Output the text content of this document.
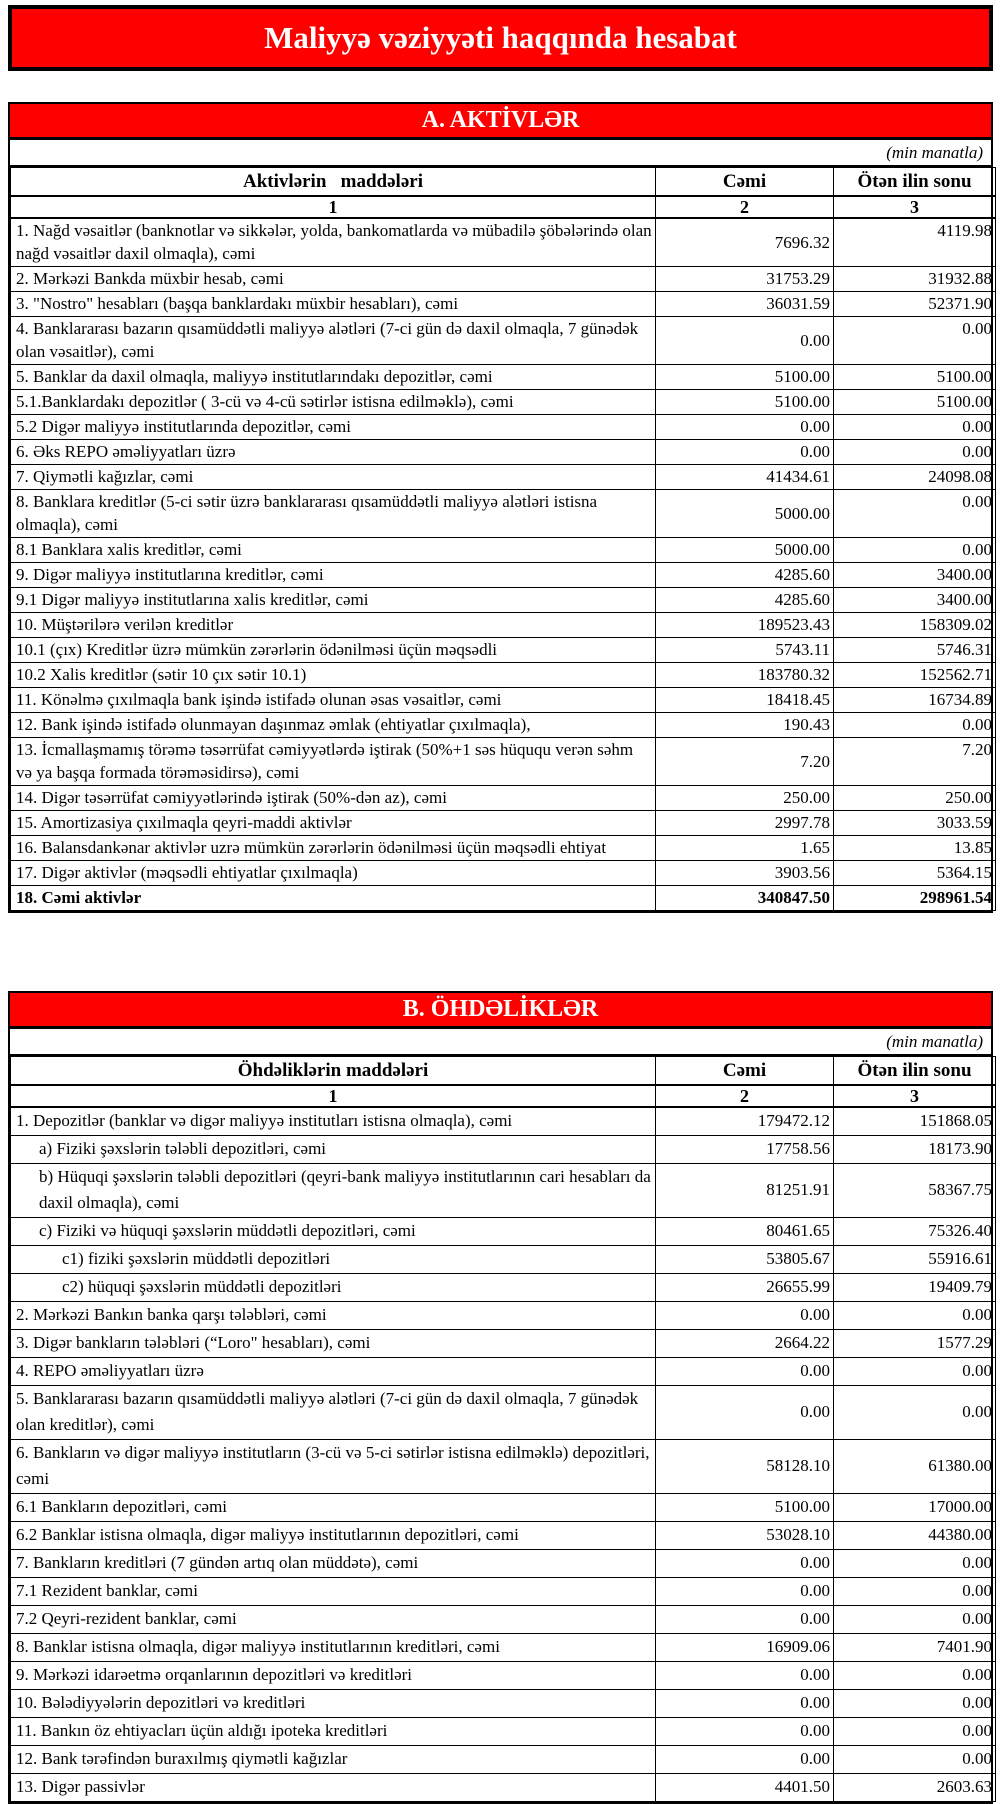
Maliyyə vəziyyəti haqqında hesabat
A. AKTİVLƏR
(min manatla)
Aktivlərin   maddələri	Cəmi	Ötən ilin sonu
1	2	3
1. Nağd vəsaitlər (banknotlar və sikkələr, yolda, bankomatlarda və mübadilə şöbələrində olan nağd vəsaitlər daxil olmaqla), cəmi	7696.32	4119.98
2. Mərkəzi Bankda müxbir hesab, cəmi	31753.29	31932.88
3. "Nostro" hesabları (başqa banklardakı müxbir hesabları), cəmi	36031.59	52371.90
4. Banklararası bazarın qısamüddətli maliyyə alətləri (7-ci gün də daxil olmaqla, 7 günədək olan vəsaitlər), cəmi	0.00	0.00
5. Banklar da daxil olmaqla, maliyyə institutlarındakı depozitlər, cəmi	5100.00	5100.00
5.1.Banklardakı depozitlər ( 3-cü və 4-cü sətirlər istisna edilməklə), cəmi	5100.00	5100.00
5.2 Digər maliyyə institutlarında depozitlər, cəmi	0.00	0.00
6. Əks REPO əməliyyatları üzrə	0.00	0.00
7. Qiymətli kağızlar, cəmi	41434.61	24098.08
8. Banklara kreditlər (5-ci sətir üzrə banklararası qısamüddətli maliyyə alətləri istisna olmaqla), cəmi	5000.00	0.00
8.1 Banklara xalis kreditlər, cəmi	5000.00	0.00
9. Digər maliyyə institutlarına kreditlər, cəmi	4285.60	3400.00
9.1 Digər maliyyə institutlarına xalis kreditlər, cəmi	4285.60	3400.00
10. Müştərilərə verilən kreditlər	189523.43	158309.02
10.1 (çıx) Kreditlər üzrə mümkün zərərlərin ödənilməsi üçün məqsədli	5743.11	5746.31
10.2 Xalis kreditlər (sətir 10 çıx sətir 10.1)	183780.32	152562.71
11. Könəlmə çıxılmaqla bank işində istifadə olunan əsas vəsaitlər, cəmi	18418.45	16734.89
12. Bank işində istifadə olunmayan daşınmaz əmlak (ehtiyatlar çıxılmaqla),	190.43	0.00
13. İcmallaşmamış törəmə təsərrüfat cəmiyyətlərdə iştirak (50%+1 səs hüququ verən səhm və ya başqa formada törəməsidirsə), cəmi	7.20	7.20
14. Digər təsərrüfat cəmiyyətlərində iştirak (50%-dən az), cəmi	250.00	250.00
15. Amortizasiya çıxılmaqla qeyri-maddi aktivlər	2997.78	3033.59
16. Balansdankənar aktivlər uzrə mümkün zərərlərin ödənilməsi üçün məqsədli ehtiyat	1.65	13.85
17. Digər aktivlər (məqsədli ehtiyatlar çıxılmaqla)	3903.56	5364.15
18. Cəmi aktivlər	340847.50	298961.54
B. ÖHDƏLİKLƏR
(min manatla)
Öhdəliklərin maddələri	Cəmi	Ötən ilin sonu
1	2	3
1. Depozitlər (banklar və digər maliyyə institutları istisna olmaqla), cəmi	179472.12	151868.05
a) Fiziki şəxslərin tələbli depozitləri, cəmi	17758.56	18173.90
b) Hüquqi şəxslərin tələbli depozitləri (qeyri-bank maliyyə institutlarının cari hesabları da daxil olmaqla), cəmi	81251.91	58367.75
c) Fiziki və hüquqi şəxslərin müddətli depozitləri, cəmi	80461.65	75326.40
c1) fiziki şəxslərin müddətli depozitləri	53805.67	55916.61
c2) hüquqi şəxslərin müddətli depozitləri	26655.99	19409.79
2. Mərkəzi Bankın banka qarşı tələbləri, cəmi	0.00	0.00
3. Digər bankların tələbləri (“Loro" hesabları), cəmi	2664.22	1577.29
4. REPO əməliyyatları üzrə	0.00	0.00
5. Banklararası bazarın qısamüddətli maliyyə alətləri (7-ci gün də daxil olmaqla, 7 günədək olan kreditlər), cəmi	0.00	0.00
6. Bankların və digər maliyyə institutların (3-cü və 5-ci sətirlər istisna edilməklə) depozitləri, cəmi	58128.10	61380.00
6.1 Bankların depozitləri, cəmi	5100.00	17000.00
6.2 Banklar istisna olmaqla, digər maliyyə institutlarının depozitləri, cəmi	53028.10	44380.00
7. Bankların kreditləri (7 gündən artıq olan müddətə), cəmi	0.00	0.00
7.1 Rezident banklar, cəmi	0.00	0.00
7.2 Qeyri-rezident banklar, cəmi	0.00	0.00
8. Banklar istisna olmaqla, digər maliyyə institutlarının kreditləri, cəmi	16909.06	7401.90
9. Mərkəzi idarəetmə orqanlarının depozitləri və kreditləri	0.00	0.00
10. Bələdiyyələrin depozitləri və kreditləri	0.00	0.00
11. Bankın öz ehtiyacları üçün aldığı ipoteka kreditləri	0.00	0.00
12. Bank tərəfindən buraxılmış qiymətli kağızlar	0.00	0.00
13. Digər passivlər	4401.50	2603.63
